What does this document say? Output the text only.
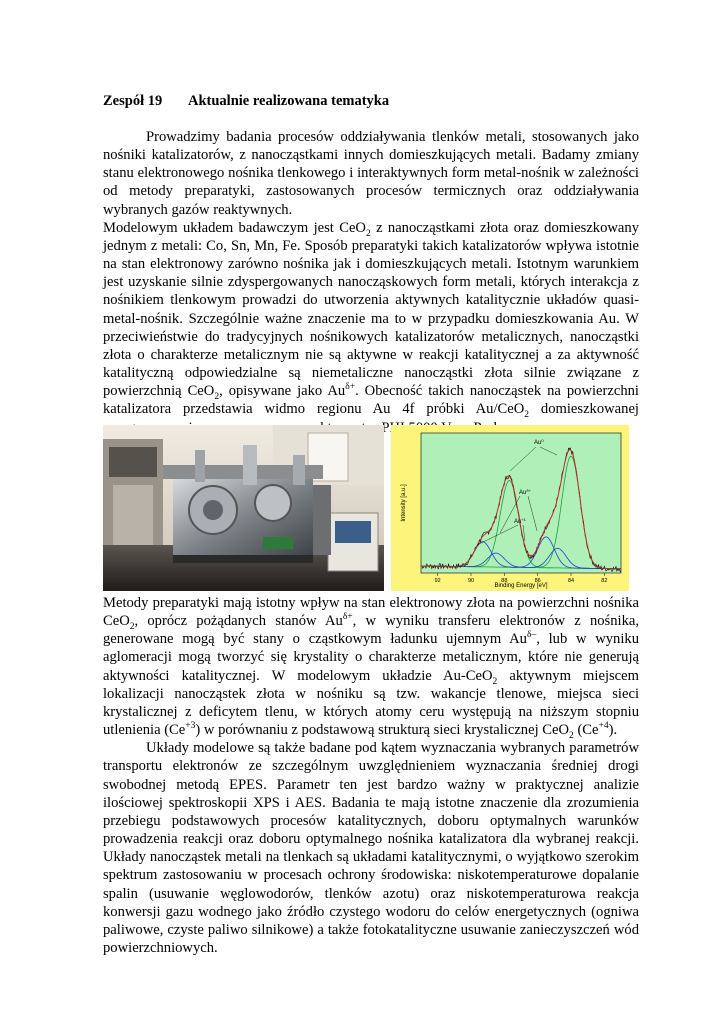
Zespół 19 Aktualnie realizowana tematyka

Prowadzimy badania procesów oddziaływania tlenków metali, stosowanych jako nośniki katalizatorów, z nanocząstkami innych domieszkujących metali. Badamy zmiany stanu elektronowego nośnika tlenkowego i interaktywnych form metal-nośnik w zależności od metody preparatyki, zastosowanych procesów termicznych oraz oddziaływania wybranych gazów reaktywnych.

Modelowym układem badawczym jest CeO$_2$ z nanocząstkami złota oraz domieszkowany jednym z metali: Co, Sn, Mn, Fe. Sposób preparatyki takich katalizatorów wpływa istotnie na stan elektronowy zarówno nośnika jak i domieszkujących metali. Istotnym warunkiem jest uzyskanie silnie zdyspergowanych nanocząskowych form metali, których interakcja z nośnikiem tlenkowym prowadzi do utworzenia aktywnych katalitycznie układów quasi-metal-nośnik. Szczególnie ważne znaczenie ma to w przypadku domieszkowania Au. W przeciwieństwie do tradycyjnych nośnikowych katalizatorów metalicznych, nanocząstki złota o charakterze metalicznym nie są aktywne w reakcji katalitycznej a za aktywność katalityczną odpowiedzialne są niemetaliczne nanocząstki złota silnie związane z powierzchnią CeO$_2$, opisywane jako $Au^{\delta+}$. Obecność takich nanocząstek na powierzchni katalizatora przedstawia widmo regionu Au 4f próbki Au/CeO$_2$ domieszkowanej

Intensity [a.u.]
Binding Energy [eV]
92	90	88	86	84	82
Au$^0$
$Au^{\delta+}$
$Au^{+1}$

Metody preparatyki mają istotny wpływ na stan elektronowy złota na powierzchni nośnika CeO$_2$, oprócz pożądanych stanów $Au^{\delta+}$, w wyniku transferu elektronów z nośnika, generowane mogą być stany o cząstkowym ładunku ujemnym $Au^{\delta-}$, lub w wyniku aglomeracji mogą tworzyć się krystality o charakterze metalicznym, które nie generują aktywności katalitycznej. W modelowym układzie Au-CeO$_2$ aktywnym miejscem lokalizacji nanocząstek złota w nośniku są tzw. wakancje tlenowe, miejsca sieci krystalicznej z deficytem tlenu, w których atomy ceru występują na niższym stopniu utlenienia $(Ce^{+3})$ w porównaniu z podstawową strukturą sieci krystalicznej CeO$_2$ $(Ce^{+4})$.

Układy modelowe są także badane pod kątem wyznaczania wybranych parametrów transportu elektronów ze szczególnym uwzględnieniem wyznaczania średniej drogi swobodnej metodą EPES. Parametr ten jest bardzo ważny w praktycznej analizie ilościowej spektroskopii XPS i AES. Badania te mają istotne znaczenie dla zrozumienia przebiegu podstawowych procesów katalitycznych, doboru optymalnych warunków prowadzenia reakcji oraz doboru optymalnego nośnika katalizatora dla wybranej reakcji. Układy nanocząstek metali na tlenkach są układami katalitycznymi, o wyjątkowo szerokim spektrum zastosowaniu w procesach ochrony środowiska: niskotemperaturowe dopalanie spalin (usuwanie węglowodorów, tlenków azotu) oraz niskotemperaturowa reakcja konwersji gazu wodnego jako źródło czystego wodoru do celów energetycznych (ogniwa paliwowe, czyste paliwo silnikowe) a także fotokatalityczne usuwanie zanieczyszczeń wód powierzchniowych.
